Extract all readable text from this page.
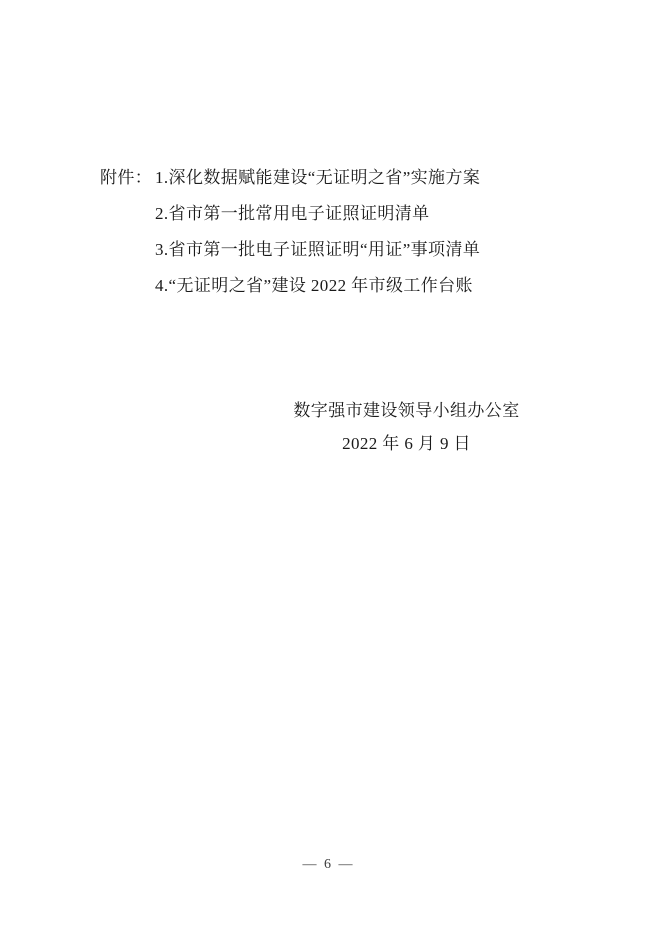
附件： 1.深化数据赋能建设“无证明之省”实施方案
2.省市第一批常用电子证照证明清单
3.省市第一批电子证照证明“用证”事项清单
4.“无证明之省”建设 2022 年市级工作台账
数字强市建设领导小组办公室
2022 年 6 月 9 日
— 6 —
